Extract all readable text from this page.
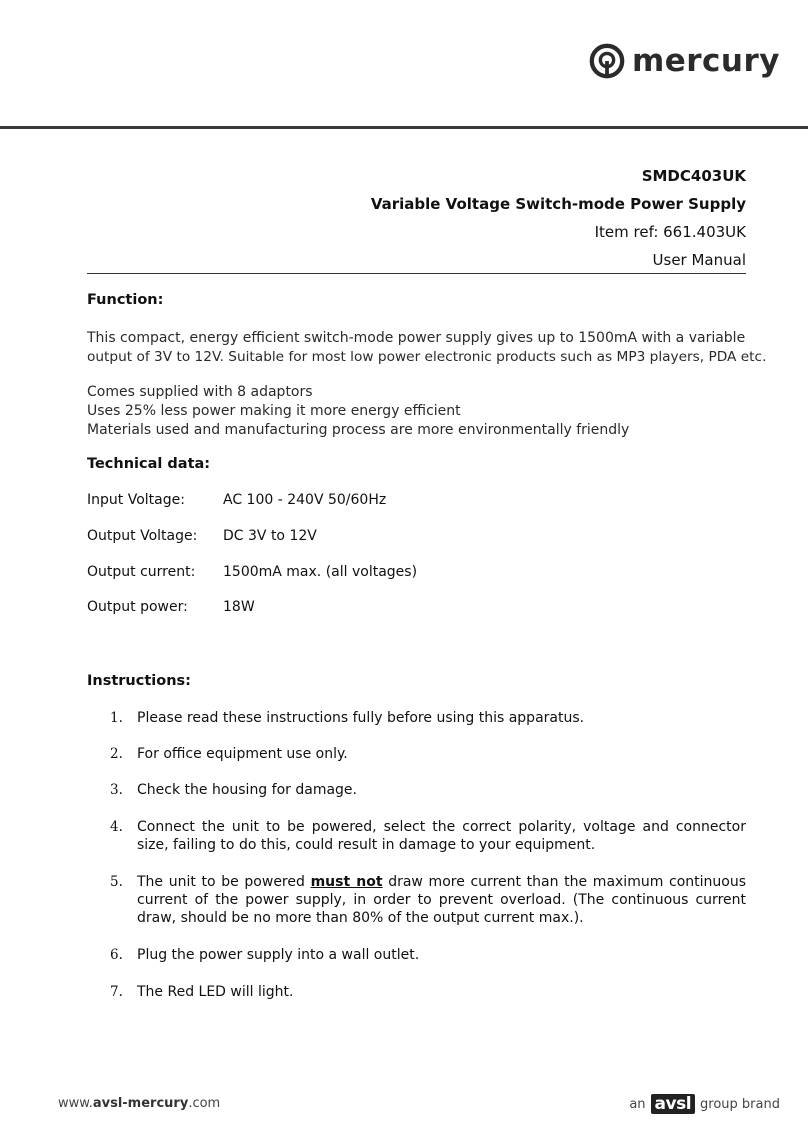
mercury
SMDC403UK
Variable Voltage Switch-mode Power Supply
Item ref: 661.403UK
User Manual
Function:
This compact, energy efficient switch-mode power supply gives up to 1500mA with a variable
output of 3V to 12V. Suitable for most low power electronic products such as MP3 players, PDA etc.
Comes supplied with 8 adaptors
Uses 25% less power making it more energy efficient
Materials used and manufacturing process are more environmentally friendly
Technical data:
Input Voltage:	AC 100 - 240V 50/60Hz
Output Voltage:	DC 3V to 12V
Output current:	1500mA max. (all voltages)
Output power:	18W
Instructions:
1.	Please read these instructions fully before using this apparatus.
2.	For office equipment use only.
3.	Check the housing for damage.
4.	Connect the unit to be powered, select the correct polarity, voltage and connector size, failing to do this, could result in damage to your equipment.
5.	The unit to be powered must not draw more current than the maximum continuous current of the power supply, in order to prevent overload. (The continuous current draw, should be no more than 80% of the output current max.).
6.	Plug the power supply into a wall outlet.
7.	The Red LED will light.
www.avsl-mercury.com	an avsl group brand
